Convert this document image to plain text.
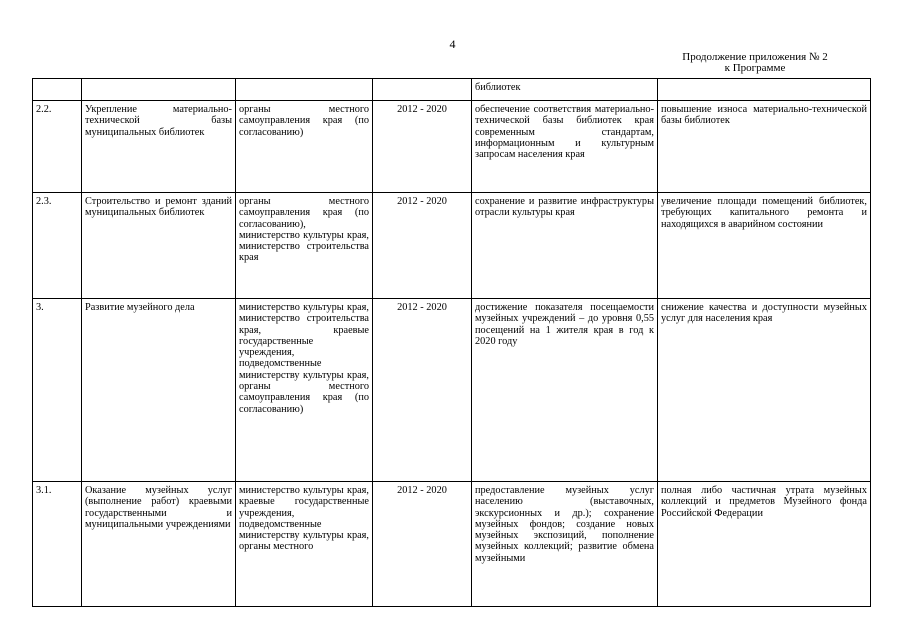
4
Продолжение приложения № 2
к Программе
				библиотек	
2.2.	Укрепление материально-технической базы муниципальных библиотек	органы местного самоуправления края (по согласованию)	2012 - 2020	обеспечение соответствия материально-технической базы библиотек края современным стандартам, информационным и культурным запросам населения края	повышение износа материально-технической базы библиотек
2.3.	Строительство и ремонт зданий муниципальных библиотек	органы местного самоуправления края (по согласованию), министерство культуры края, министерство строительства края	2012 - 2020	сохранение и развитие инфраструктуры отрасли культуры края	увеличение площади помещений библиотек, требующих капитального ремонта и находящихся в аварийном состоянии
3.	Развитие музейного дела	министерство культуры края, министерство строительства края, краевые государственные учреждения, подведомственные министерству культуры края, органы местного самоуправления края (по согласованию)	2012 - 2020	достижение показателя посещаемости музейных учреждений – до уровня 0,55 посещений на 1 жителя края в год к 2020 году	снижение качества и доступности музейных услуг для населения края
3.1.	Оказание музейных услуг (выполнение работ) краевыми государственными и муниципальными учреждениями	министерство культуры края, краевые государственные учреждения, подведомственные министерству культуры края, органы местного	2012 - 2020	предоставление музейных услуг населению (выставочных, экскурсионных и др.); сохранение музейных фондов; создание новых музейных экспозиций, пополнение музейных коллекций; развитие обмена музейными	полная либо частичная утрата музейных коллекций и предметов Музейного фонда Российской Федерации
